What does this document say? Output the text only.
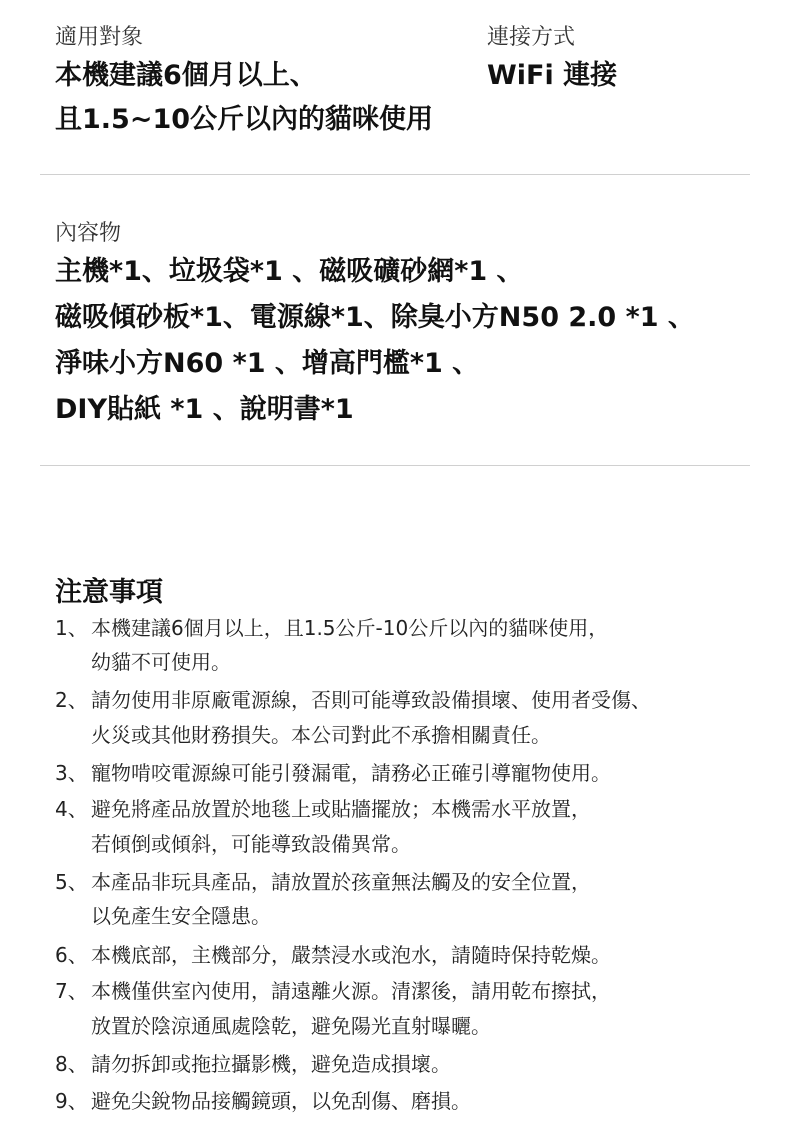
適用對象
本機建議6個月以上、
且1.5~10公斤以內的貓咪使用
連接方式
WiFi 連接
內容物
主機*1、垃圾袋*1 、磁吸礦砂網*1 、
磁吸傾砂板*1、電源線*1、除臭小方N50 2.0 *1 、
淨味小方N60 *1 、增高門檻*1 、
DIY貼紙 *1 、說明書*1
注意事項
1、 本機建議6個月以上，且1.5公斤-10公斤以內的貓咪使用，
幼貓不可使用。
2、 請勿使用非原廠電源線，否則可能導致設備損壞、使用者受傷、
火災或其他財務損失。本公司對此不承擔相關責任。
3、 寵物啃咬電源線可能引發漏電，請務必正確引導寵物使用。
4、 避免將產品放置於地毯上或貼牆擺放；本機需水平放置，
若傾倒或傾斜，可能導致設備異常。
5、 本產品非玩具產品，請放置於孩童無法觸及的安全位置，
以免產生安全隱患。
6、 本機底部，主機部分，嚴禁浸水或泡水，請隨時保持乾燥。
7、 本機僅供室內使用，請遠離火源。清潔後，請用乾布擦拭，
放置於陰涼通風處陰乾，避免陽光直射曝曬。
8、 請勿拆卸或拖拉攝影機，避免造成損壞。
9、 避免尖銳物品接觸鏡頭，以免刮傷、磨損。
